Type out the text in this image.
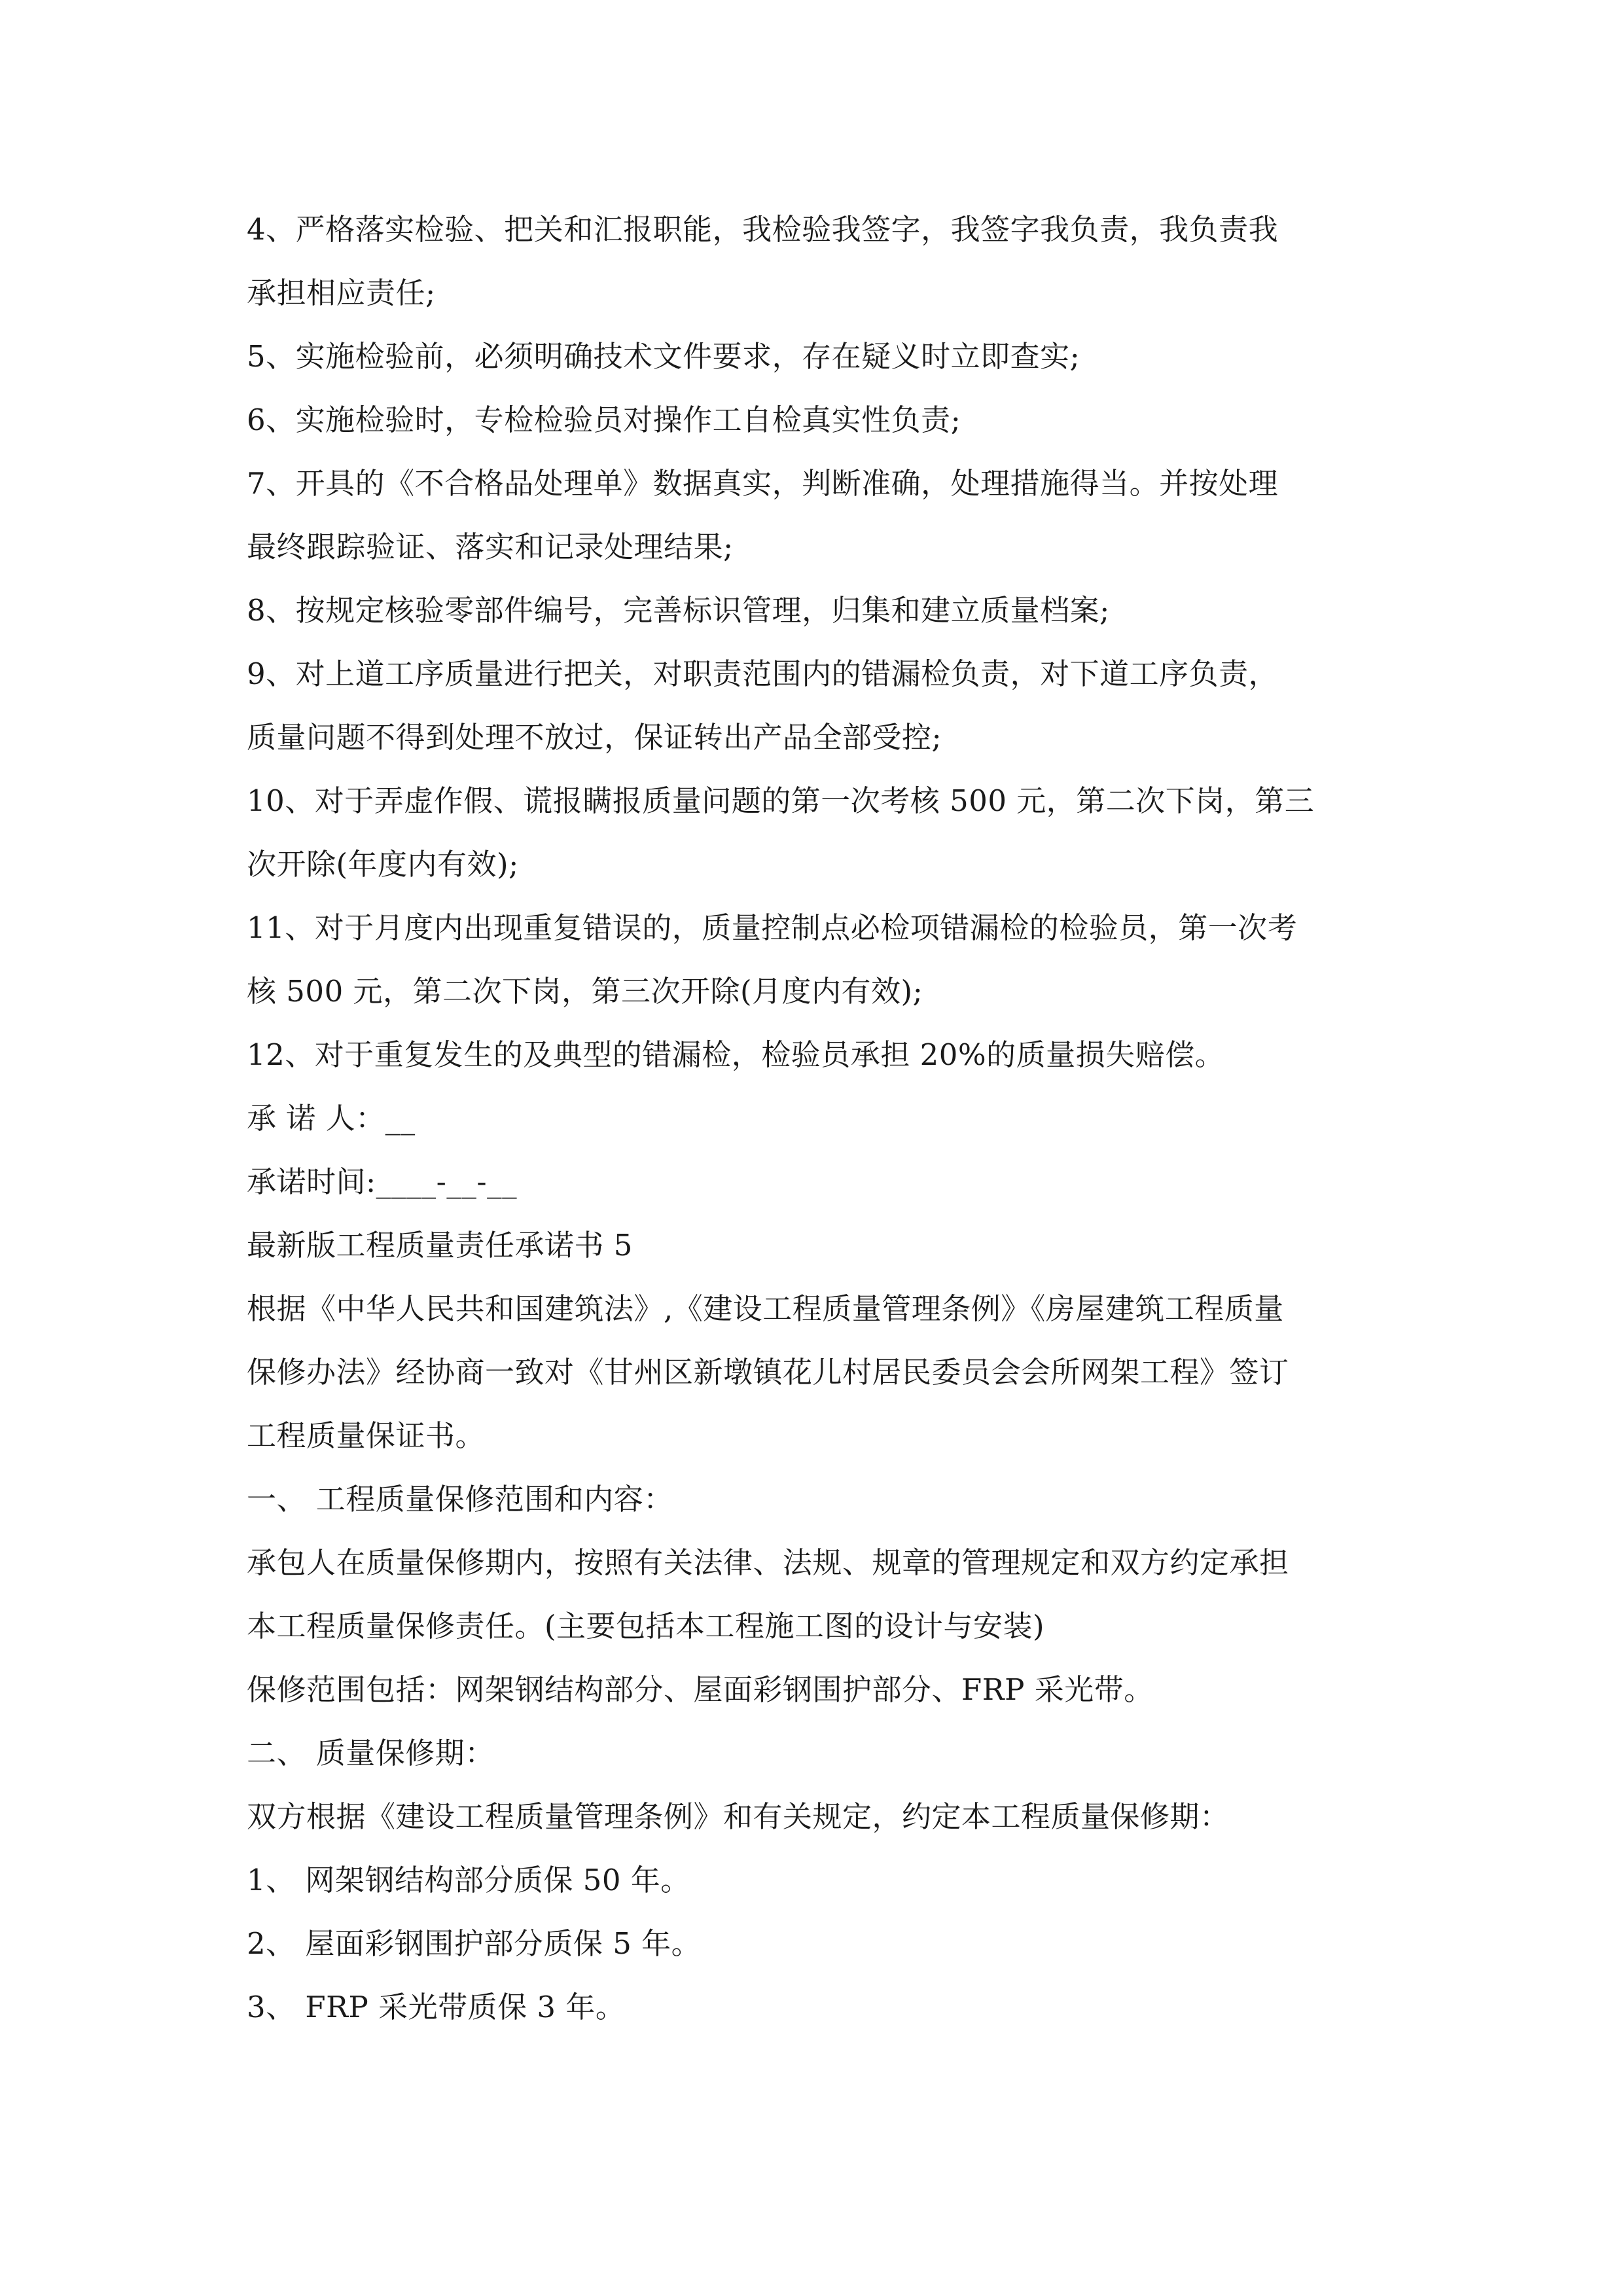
4、严格落实检验、把关和汇报职能，我检验我签字，我签字我负责，我负责我
承担相应责任;
5、实施检验前，必须明确技术文件要求，存在疑义时立即查实;
6、实施检验时，专检检验员对操作工自检真实性负责;
7、开具的《不合格品处理单》数据真实，判断准确，处理措施得当。并按处理
最终跟踪验证、落实和记录处理结果;
8、按规定核验零部件编号，完善标识管理，归集和建立质量档案;
9、对上道工序质量进行把关，对职责范围内的错漏检负责，对下道工序负责，
质量问题不得到处理不放过，保证转出产品全部受控;
10、对于弄虚作假、谎报瞒报质量问题的第一次考核 500 元，第二次下岗，第三
次开除(年度内有效);
11、对于月度内出现重复错误的，质量控制点必检项错漏检的检验员，第一次考
核 500 元，第二次下岗，第三次开除(月度内有效);
12、对于重复发生的及典型的错漏检，检验员承担 20%的质量损失赔偿。
承 诺 人：__
承诺时间:____-__-__
最新版工程质量责任承诺书 5
根据《中华人民共和国建筑法》,《建设工程质量管理条例》《房屋建筑工程质量
保修办法》经协商一致对《甘州区新墩镇花儿村居民委员会会所网架工程》签订
工程质量保证书。
一、 工程质量保修范围和内容：
承包人在质量保修期内，按照有关法律、法规、规章的管理规定和双方约定承担
本工程质量保修责任。(主要包括本工程施工图的设计与安装)
保修范围包括：网架钢结构部分、屋面彩钢围护部分、FRP 采光带。
二、 质量保修期：
双方根据《建设工程质量管理条例》和有关规定，约定本工程质量保修期：
1、 网架钢结构部分质保 50 年。
2、 屋面彩钢围护部分质保 5 年。
3、 FRP 采光带质保 3 年。
